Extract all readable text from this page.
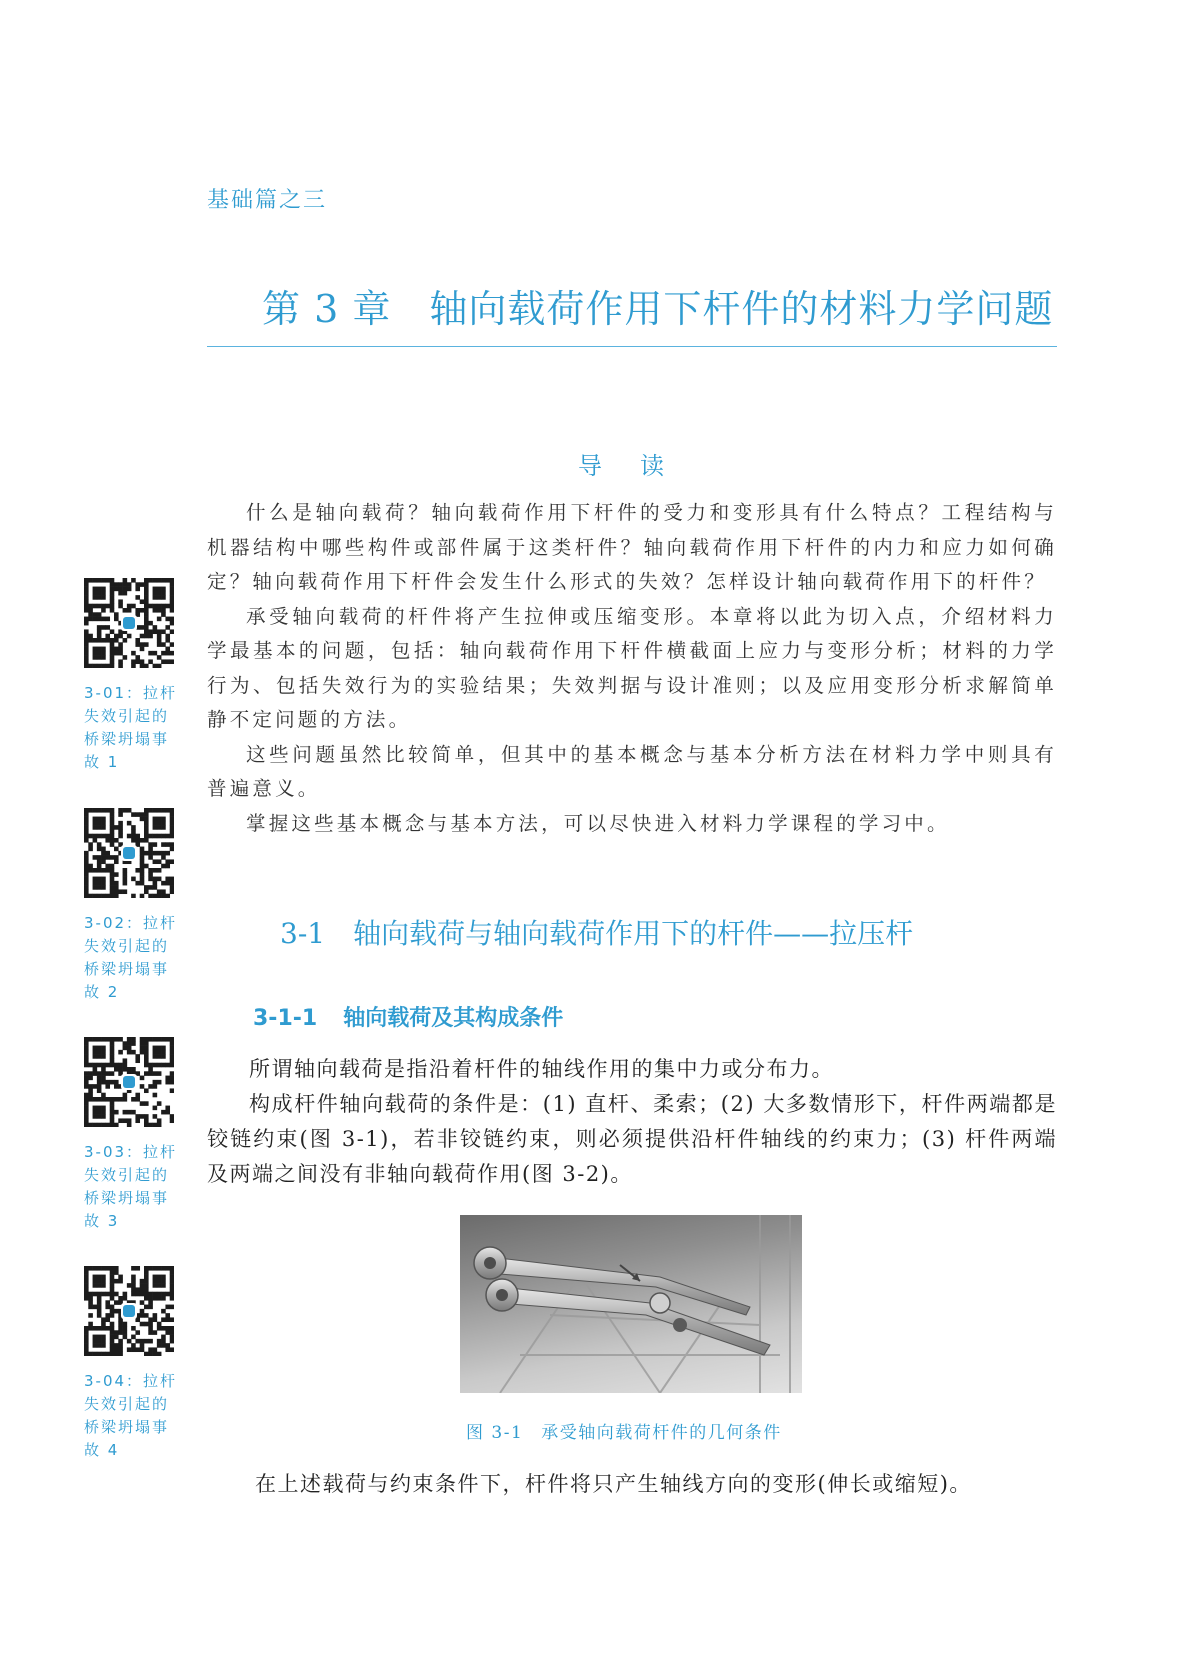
基础篇之三
第 3 章 轴向载荷作用下杆件的材料力学问题
导读

什么是轴向载荷？轴向载荷作用下杆件的受力和变形具有什么特点？工程结构与机器结构中哪些构件或部件属于这类杆件？轴向载荷作用下杆件的内力和应力如何确定？轴向载荷作用下杆件会发生什么形式的失效？怎样设计轴向载荷作用下的杆件？

承受轴向载荷的杆件将产生拉伸或压缩变形。本章将以此为切入点，介绍材料力学最基本的问题，包括：轴向载荷作用下杆件横截面上应力与变形分析；材料的力学行为、包括失效行为的实验结果；失效判据与设计准则；以及应用变形分析求解简单静不定问题的方法。

这些问题虽然比较简单，但其中的基本概念与基本分析方法在材料力学中则具有普遍意义。

掌握这些基本概念与基本方法，可以尽快进入材料力学课程的学习中。

3-1 轴向载荷与轴向载荷作用下的杆件——拉压杆
3-1-1 轴向载荷及其构成条件

所谓轴向载荷是指沿着杆件的轴线作用的集中力或分布力。

构成杆件轴向载荷的条件是：(1) 直杆、柔索；(2) 大多数情形下，杆件两端都是铰链约束(图 3-1)，若非铰链约束，则必须提供沿杆件轴线的约束力；(3) 杆件两端及两端之间没有非轴向载荷作用(图 3-2)。

图 3-1 承受轴向载荷杆件的几何条件
在上述载荷与约束条件下，杆件将只产生轴线方向的变形(伸长或缩短)。
3-01：拉杆失效引起的桥梁坍塌事故 1
3-02：拉杆失效引起的桥梁坍塌事故 2
3-03：拉杆失效引起的桥梁坍塌事故 3
3-04：拉杆失效引起的桥梁坍塌事故 4
